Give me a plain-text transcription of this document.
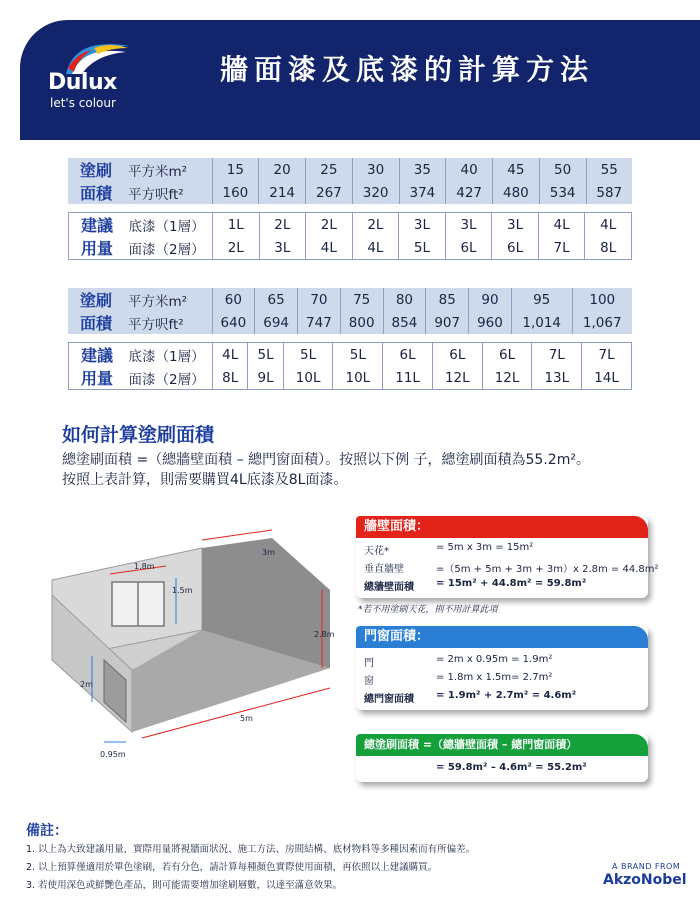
Dulux
let's colour
牆面漆及底漆的計算方法
塗刷
面積	平方米m²	15	20	25	30	35	40	45	50	55
	平方呎ft²	160	214	267	320	374	427	480	534	587
建議
用量	底漆（1層）	1L	2L	2L	2L	3L	3L	3L	4L	4L
	面漆（2層）	2L	3L	4L	4L	5L	6L	6L	7L	8L
塗刷
面積	平方米m²	60	65	70	75	80	85	90	95	100
	平方呎ft²	640	694	747	800	854	907	960	1,014	1,067
建議
用量	底漆（1層）	4L	5L	5L	5L	6L	6L	6L	7L	7L
	面漆（2層）	8L	9L	10L	10L	11L	12L	12L	13L	14L
如何計算塗刷面積
總塗刷面積 =（總牆壁面積 – 總門窗面積）。按照以下例 子，總塗刷面積為55.2m²。
按照上表計算，則需要購買4L底漆及8L面漆。
3m
1.8m
1.5m
2.8m
2m
5m
0.95m
牆壁面積：
天花*	= 5m x 3m = 15m²
垂直牆壁	=（5m + 5m + 3m + 3m）x 2.8m = 44.8m²
總牆壁面積 = 15m² + 44.8m² = 59.8m²
*若不用塗刷天花，則不用計算此項
門窗面積：
門	= 2m x 0.95m = 1.9m²
窗	= 1.8m x 1.5m= 2.7m²
總門窗面積 = 1.9m² + 2.7m² = 4.6m²
總塗刷面積 =（總牆壁面積 – 總門窗面積）
= 59.8m² – 4.6m² = 55.2m²
備註：
1. 以上為大致建議用量，實際用量將視牆面狀況、施工方法、房間結構、底材物料等多種因素而有所偏差。
2. 以上預算僅適用於單色塗刷，若有分色，請計算每種顏色實際使用面積，再依照以上建議購買。
3. 若使用深色或鮮艷色產品，則可能需要增加塗刷層數，以達至滿意效果。
A BRAND FROM
AkzoNobel
